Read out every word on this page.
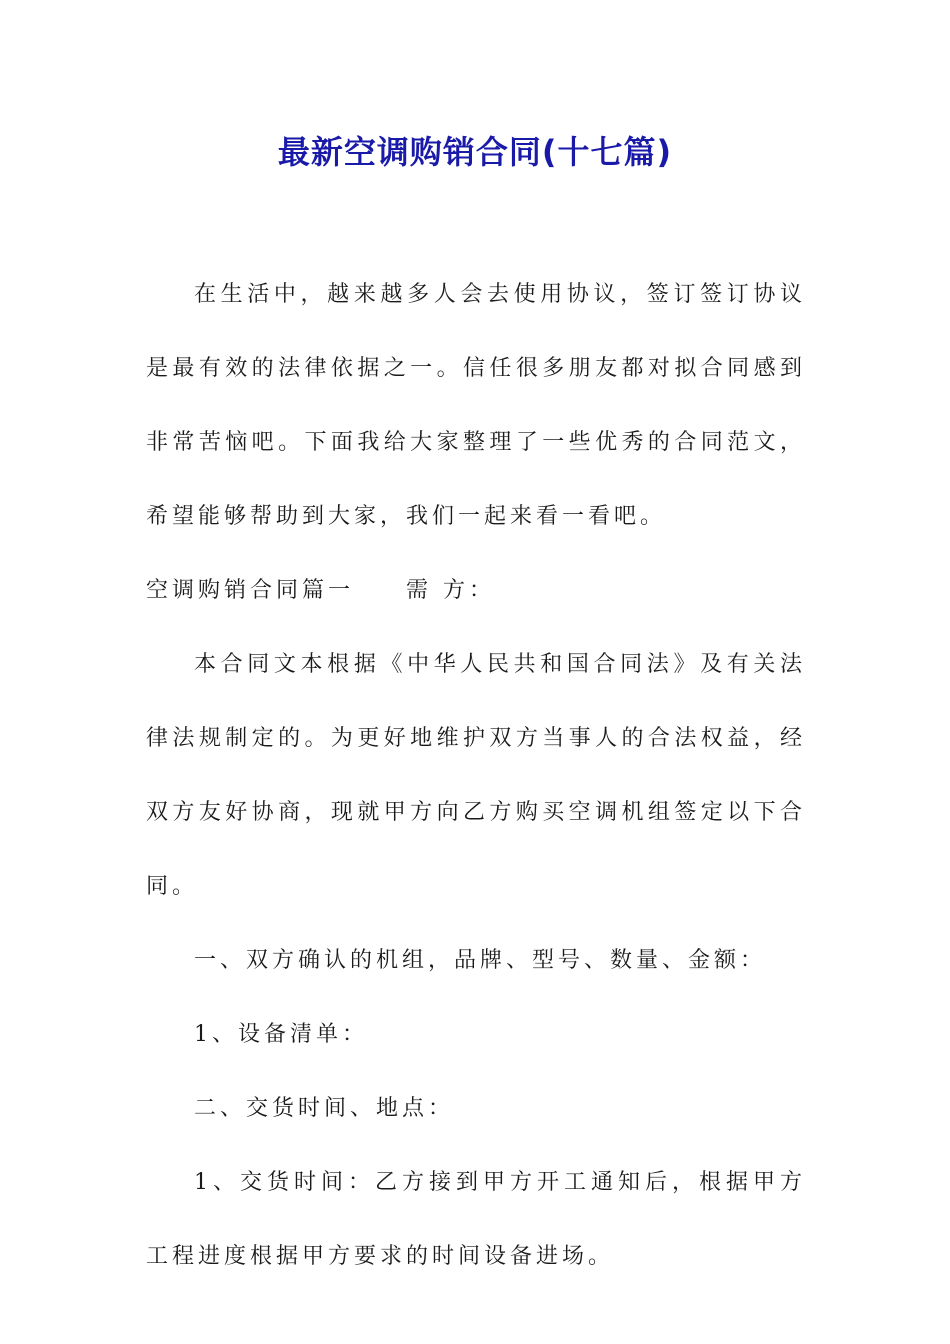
最新空调购销合同(十七篇)

在生活中，越来越多人会去使用协议，签订签订协议是最有效的法律依据之一。信任很多朋友都对拟合同感到非常苦恼吧。下面我给大家整理了一些优秀的合同范文，希望能够帮助到大家，我们一起来看一看吧。

空调购销合同篇一　　需 方：

本合同文本根据《中华人民共和国合同法》及有关法律法规制定的。为更好地维护双方当事人的合法权益，经双方友好协商，现就甲方向乙方购买空调机组签定以下合同。

一、双方确认的机组，品牌、型号、数量、金额：

1、设备清单：

二、交货时间、地点：

1、交货时间：乙方接到甲方开工通知后，根据甲方工程进度根据甲方要求的时间设备进场。
